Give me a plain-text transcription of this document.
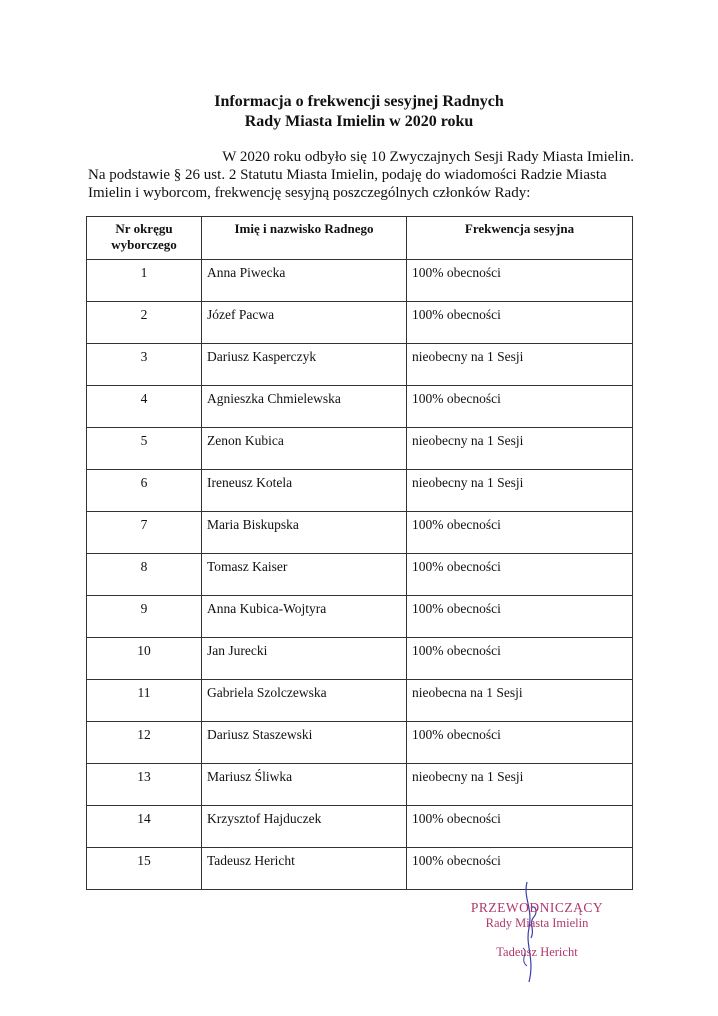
Informacja o frekwencji sesyjnej Radnych
Rady Miasta Imielin w 2020 roku
W 2020 roku odbyło się 10 Zwyczajnych Sesji Rady Miasta Imielin.
Na podstawie § 26 ust. 2 Statutu Miasta Imielin, podaję do wiadomości Radzie Miasta Imielin i wyborcom, frekwencję sesyjną poszczególnych członków Rady:
Nr okręgu wyborczego	Imię i nazwisko Radnego	Frekwencja sesyjna
1	Anna Piwecka	100% obecności
2	Józef Pacwa	100% obecności
3	Dariusz Kasperczyk	nieobecny na 1 Sesji
4	Agnieszka Chmielewska	100% obecności
5	Zenon Kubica	nieobecny na 1 Sesji
6	Ireneusz Kotela	nieobecny na 1 Sesji
7	Maria Biskupska	100% obecności
8	Tomasz Kaiser	100% obecności
9	Anna Kubica-Wojtyra	100% obecności
10	Jan Jurecki	100% obecności
11	Gabriela Szolczewska	nieobecna na 1 Sesji
12	Dariusz Staszewski	100% obecności
13	Mariusz Śliwka	nieobecny na 1 Sesji
14	Krzysztof Hajduczek	100% obecności
15	Tadeusz Hericht	100% obecności
PRZEWODNICZĄCY
Rady Miasta Imielin
Tadeusz Hericht
